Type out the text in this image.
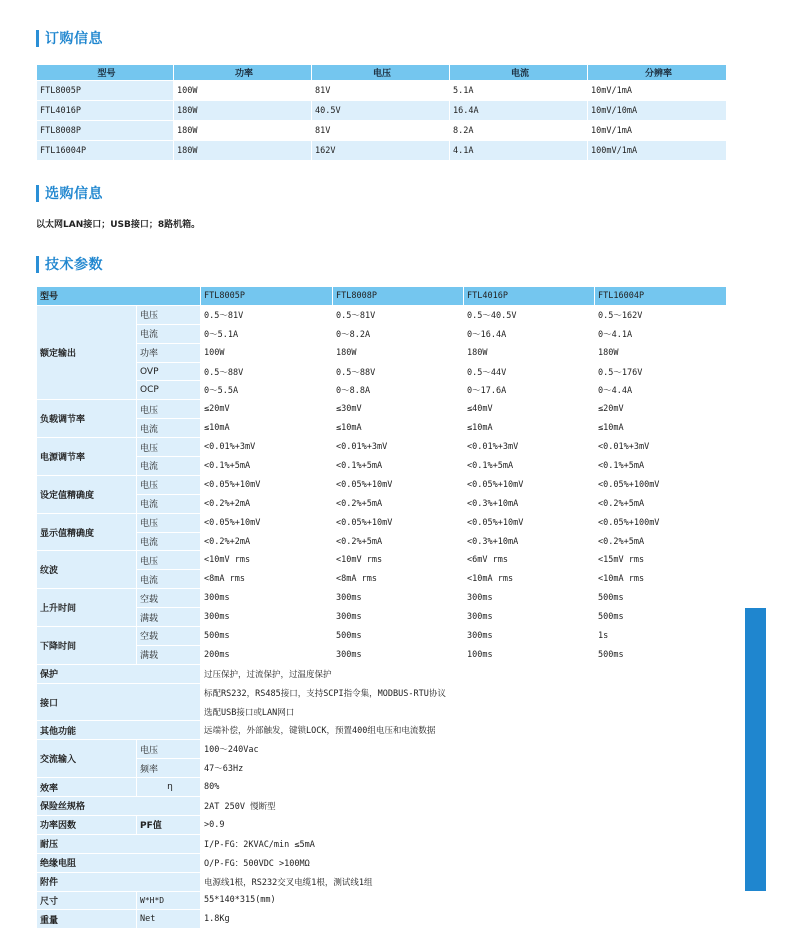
订购信息
型号	功率	电压	电流	分辨率
FTL8005P	100W	81V	5.1A	10mV/1mA
FTL4016P	180W	40.5V	16.4A	10mV/10mA
FTL8008P	180W	81V	8.2A	10mV/1mA
FTL16004P	180W	162V	4.1A	100mV/1mA
选购信息
以太网LAN接口；USB接口；8路机箱。
技术参数
型号		FTL8005P	FTL8008P	FTL4016P	FTL16004P
额定输出	电压	0.5～81V	0.5～81V	0.5～40.5V	0.5～162V
	电流	0～5.1A	0～8.2A	0～16.4A	0～4.1A
	功率	100W	180W	180W	180W
	OVP	0.5～88V	0.5～88V	0.5～44V	0.5～176V
	OCP	0～5.5A	0～8.8A	0～17.6A	0～4.4A
负载调节率	电压	≤20mV	≤30mV	≤40mV	≤20mV
	电流	≤10mA	≤10mA	≤10mA	≤10mA
电源调节率	电压	<0.01%+3mV	<0.01%+3mV	<0.01%+3mV	<0.01%+3mV
	电流	<0.1%+5mA	<0.1%+5mA	<0.1%+5mA	<0.1%+5mA
设定值精确度	电压	<0.05%+10mV	<0.05%+10mV	<0.05%+10mV	<0.05%+100mV
	电流	<0.2%+2mA	<0.2%+5mA	<0.3%+10mA	<0.2%+5mA
显示值精确度	电压	<0.05%+10mV	<0.05%+10mV	<0.05%+10mV	<0.05%+100mV
	电流	<0.2%+2mA	<0.2%+5mA	<0.3%+10mA	<0.2%+5mA
纹波	电压	<10mV rms	<10mV rms	<6mV rms	<15mV rms
	电流	<8mA rms	<8mA rms	<10mA rms	<10mA rms
上升时间	空载	300ms	300ms	300ms	500ms
	满载	300ms	300ms	300ms	500ms
下降时间	空载	500ms	500ms	300ms	1s
	满载	200ms	300ms	100ms	500ms
保护		过压保护，过流保护，过温度保护			
接口		标配RS232，RS485接口，支持SCPI指令集，MODBUS-RTU协议			
		选配USB接口或LAN网口			
其他功能		远端补偿，外部触发，键锁LOCK，预置400组电压和电流数据			
交流输入	电压	100～240Vac			
	频率	47～63Hz			
效率	η	80%			
保险丝规格		2AT 250V 慢断型			
功率因数	PF值	>0.9			
耐压		I/P-FG：2KVAC/min ≤5mA			
绝缘电阻		O/P-FG：500VDC >100MΩ			
附件		电源线1根，RS232交叉电缆1根，测试线1组			
尺寸	W*H*D	55*140*315(mm)			
重量	Net	1.8Kg			
